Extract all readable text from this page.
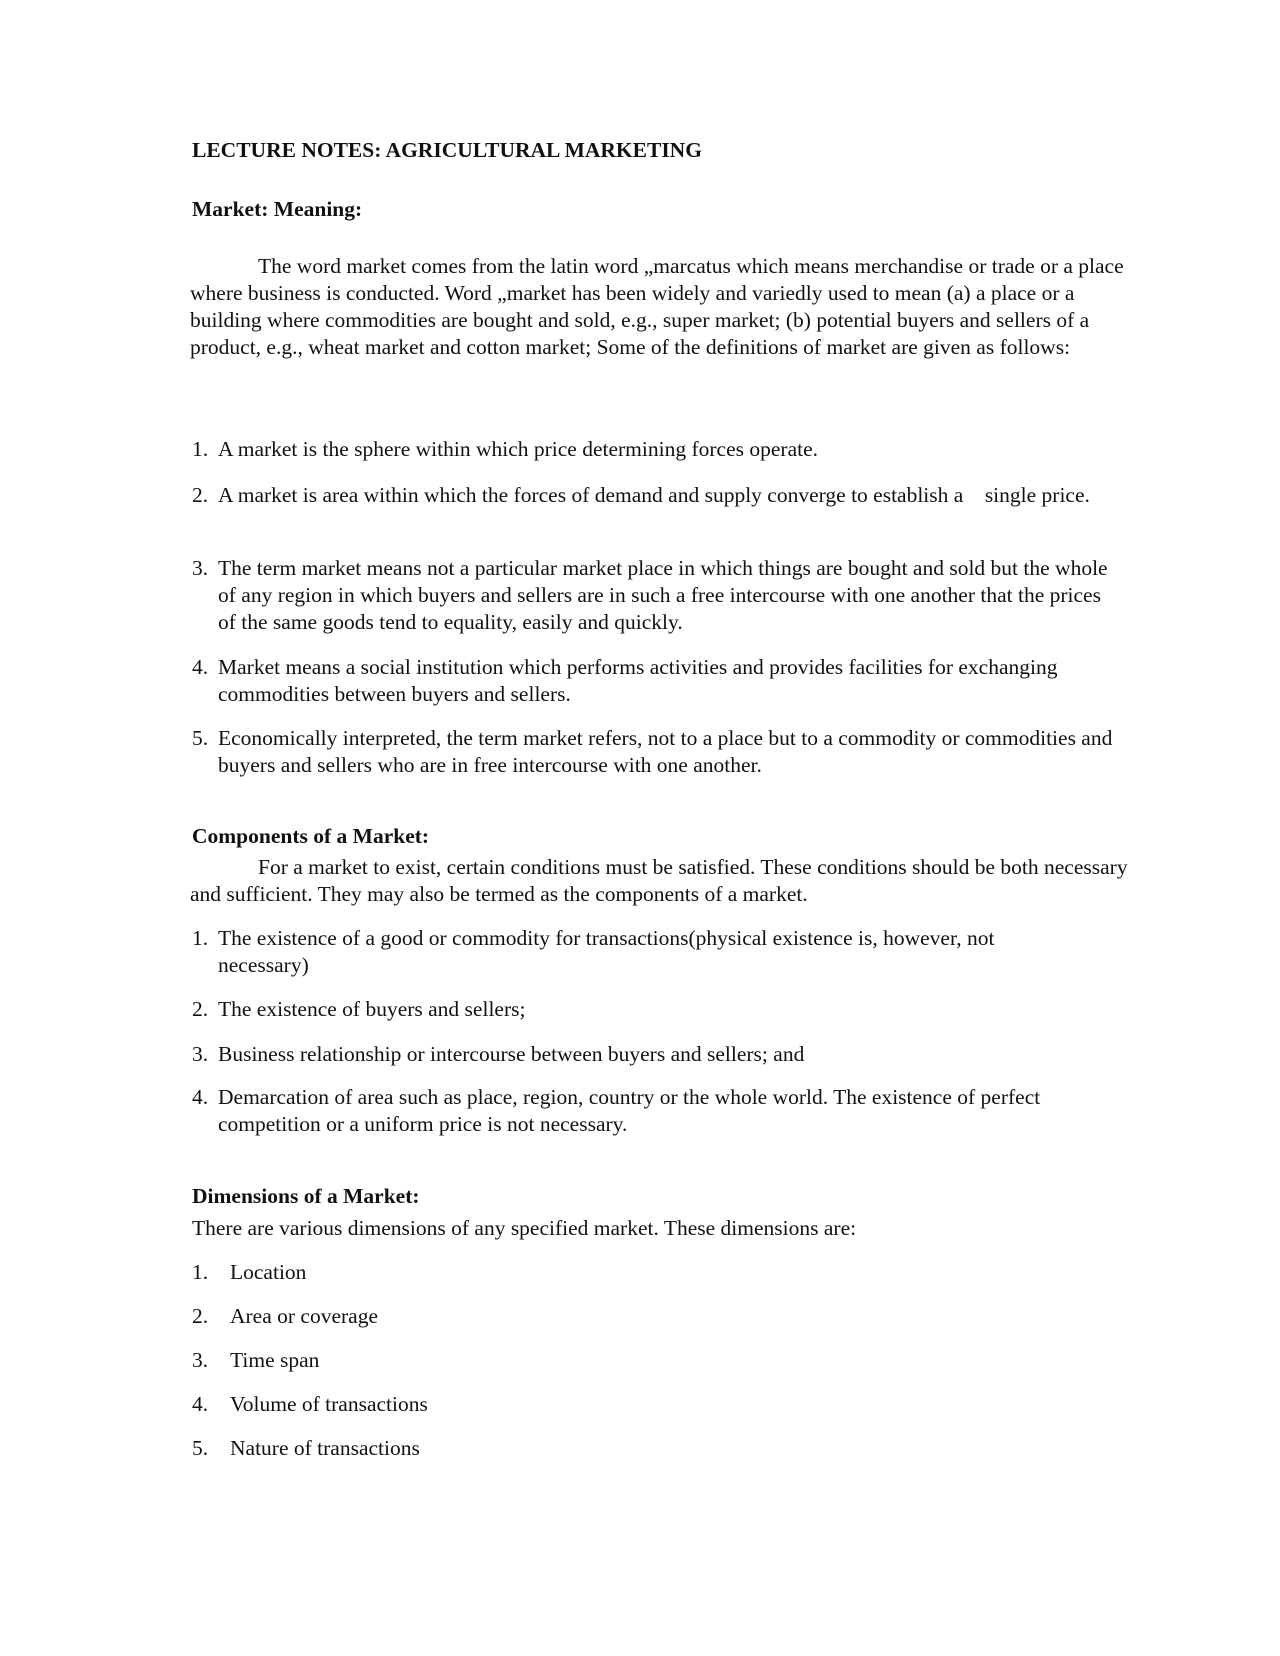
LECTURE NOTES: AGRICULTURAL MARKETING
Market: Meaning:

The word market comes from the latin word „marcatus which means merchandise or trade or a place where business is conducted. Word „market has been widely and variedly used to mean (a) a place or a building where commodities are bought and sold, e.g., super market; (b) potential buyers and sellers of a product, e.g., wheat market and cotton market; Some of the definitions of market are given as follows:

1. A market is the sphere within which price determining forces operate.
2. A market is area within which the forces of demand and supply converge to establish a    single price.
3. The term market means not a particular market place in which things are bought and sold but the whole of any region in which buyers and sellers are in such a free intercourse with one another that the prices of the same goods tend to equality, easily and quickly.
4. Market means a social institution which performs activities and provides facilities for exchanging commodities between buyers and sellers.
5. Economically interpreted, the term market refers, not to a place but to a commodity or commodities and buyers and sellers who are in free intercourse with one another.
Components of a Market:

For a market to exist, certain conditions must be satisfied. These conditions should be both necessary and sufficient. They may also be termed as the components of a market.

1. The existence of a good or commodity for transactions(physical existence is, however, not necessary)
2. The existence of buyers and sellers;
3. Business relationship or intercourse between buyers and sellers; and
4. Demarcation of area such as place, region, country or the whole world. The existence of perfect competition or a uniform price is not necessary.
Dimensions of a Market:

There are various dimensions of any specified market. These dimensions are:

1.	Location
2.	Area or coverage
3.	Time span
4.	Volume of transactions
5.	Nature of transactions
